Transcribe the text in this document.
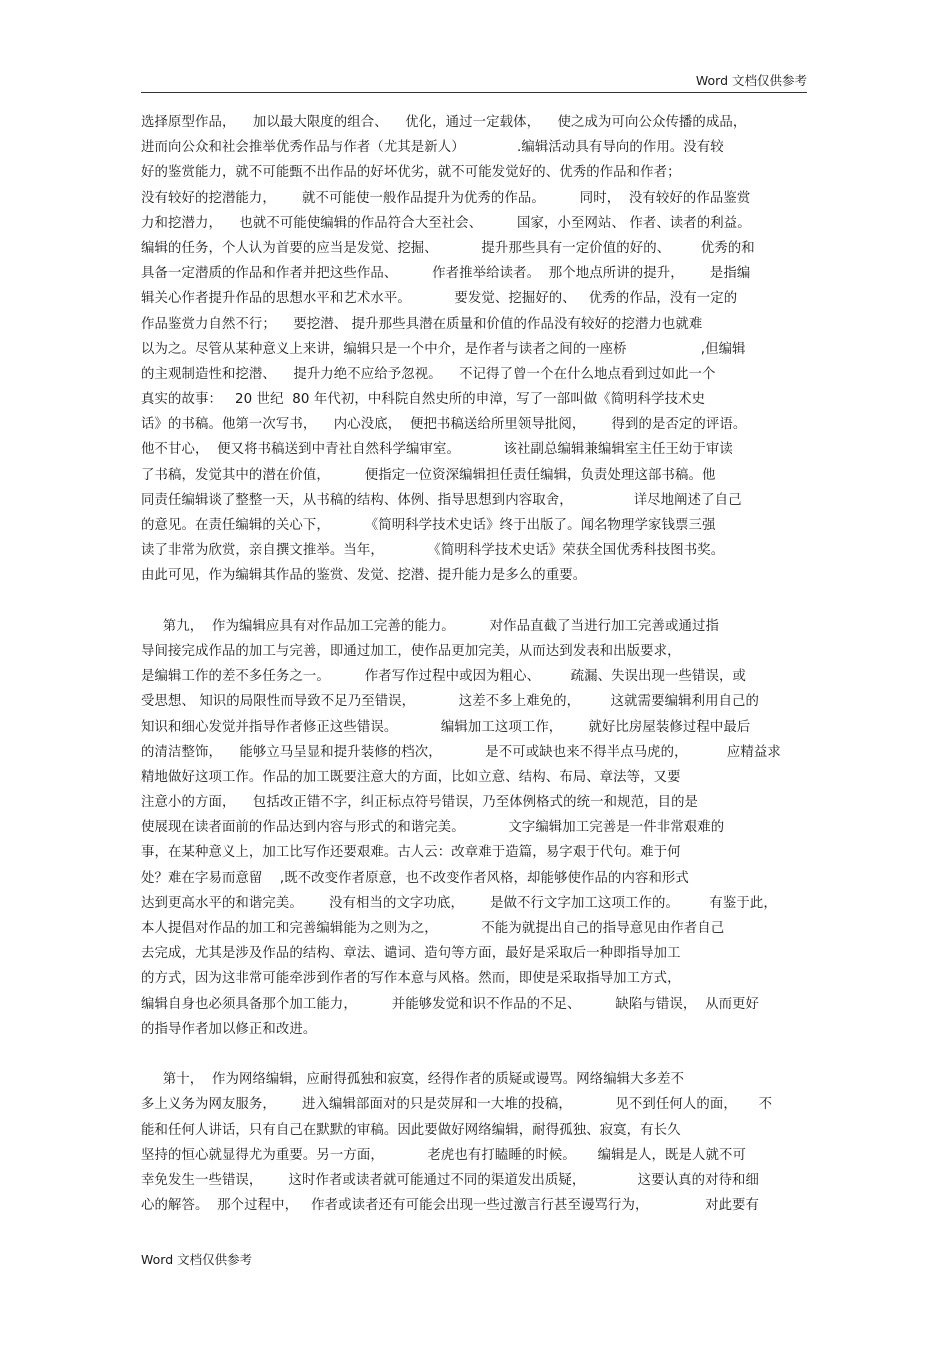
Word 文档仅供参考
选择原型作品，    加以最大限度的组合、    优化，通过一定载体，    使之成为可向公众传播的成品，
进而向公众和社会推举优秀作品与作者（尤其是新人）            .编辑活动具有导向的作用。没有较
好的鉴赏能力，就不可能甄不出作品的好坏优劣，就不可能发觉好的、优秀的作品和作者；
没有较好的挖潜能力，      就不可能使一般作品提升为优秀的作品。        同时，  没有较好的作品鉴赏
力和挖潜力，    也就不可能使编辑的作品符合大至社会、        国家，小至网站、 作者、读者的利益。
编辑的任务，个人认为首要的应当是发觉、挖掘、          提升那些具有一定价值的好的、       优秀的和
具备一定潜质的作品和作者并把这些作品、        作者推举给读者。  那个地点所讲的提升，      是指编
辑关心作者提升作品的思想水平和艺术水平。          要发觉、挖掘好的、   优秀的作品，没有一定的
作品鉴赏力自然不行；    要挖潜、 提升那些具潜在质量和价值的作品没有较好的挖潜力也就难
以为之。尽管从某种意义上来讲，编辑只是一个中介，是作者与读者之间的一座桥                 ,但编辑
的主观制造性和挖潜、    提升力绝不应给予忽视。    不记得了曾一个在什么地点看到过如此一个
真实的故事：   20 世纪  80 年代初，中科院自然史所的申漳，写了一部叫做《简明科学技术史
话》的书稿。他第一次写书，    内心没底，  便把书稿送给所里领导批阅，      得到的是否定的评语。
他不甘心，  便又将书稿送到中青社自然科学编审室。          该社副总编辑兼编辑室主任王幼于审读
了书稿，发觉其中的潜在价值，        便指定一位资深编辑担任责任编辑，负责处理这部书稿。他
同责任编辑谈了整整一天，从书稿的结构、体例、指导思想到内容取舍，              详尽地阐述了自己
的意见。在责任编辑的关心下，        《简明科学技术史话》终于出版了。闻名物理学家钱票三强
读了非常为欣赏，亲自撰文推举。当年，          《简明科学技术史话》荣获全国优秀科技图书奖。
由此可见，作为编辑其作品的鉴赏、发觉、挖潜、提升能力是多么的重要。
第九，  作为编辑应具有对作品加工完善的能力。        对作品直截了当进行加工完善或通过指
导间接完成作品的加工与完善，即通过加工，使作品更加完美，从而达到发表和出版要求，
是编辑工作的差不多任务之一。        作者写作过程中或因为粗心、       疏漏、失误出现一些错误，或
受思想、 知识的局限性而导致不足乃至错误，          这差不多上难免的，       这就需要编辑利用自己的
知识和细心发觉并指导作者修正这些错误。          编辑加工这项工作，      就好比房屋装修过程中最后
的清洁整饰，    能够立马呈显和提升装修的档次，          是不可或缺也来不得半点马虎的，         应精益求
精地做好这项工作。作品的加工既要注意大的方面，比如立意、结构、布局、章法等，又要
注意小的方面，    包括改正错不字，纠正标点符号错误，乃至体例格式的统一和规范，目的是
使展现在读者面前的作品达到内容与形式的和谐完美。          文字编辑加工完善是一件非常艰难的
事，在某种意义上，加工比写作还要艰难。古人云：改章难于造篇，易字艰于代句。难于何
处？难在字易而意留    ,既不改变作者原意，也不改变作者风格，却能够使作品的内容和形式
达到更高水平的和谐完美。      没有相当的文字功底，      是做不行文字加工这项工作的。       有鉴于此，
本人提倡对作品的加工和完善编辑能为之则为之，          不能为就提出自己的指导意见由作者自己
去完成，尤其是涉及作品的结构、章法、谴词、造句等方面，最好是采取后一种即指导加工
的方式，因为这非常可能牵涉到作者的写作本意与风格。然而，即使是采取指导加工方式，
编辑自身也必须具备那个加工能力，        并能够发觉和识不作品的不足、        缺陷与错误，  从而更好
的指导作者加以修正和改进。
第十，  作为网络编辑，应耐得孤独和寂寞，经得作者的质疑或谩骂。网络编辑大多差不
多上义务为网友服务，      进入编辑部面对的只是荧屏和一大堆的投稿，          见不到任何人的面，     不
能和任何人讲话，只有自己在默默的审稿。因此要做好网络编辑，耐得孤独、寂寞，有长久
坚持的恒心就显得尤为重要。另一方面，          老虎也有打瞌睡的时候。     编辑是人，既是人就不可
幸免发生一些错误，      这时作者或读者就可能通过不同的渠道发出质疑，            这要认真的对待和细
心的解答。  那个过程中，   作者或读者还有可能会出现一些过激言行甚至谩骂行为，             对此要有
Word 文档仅供参考
